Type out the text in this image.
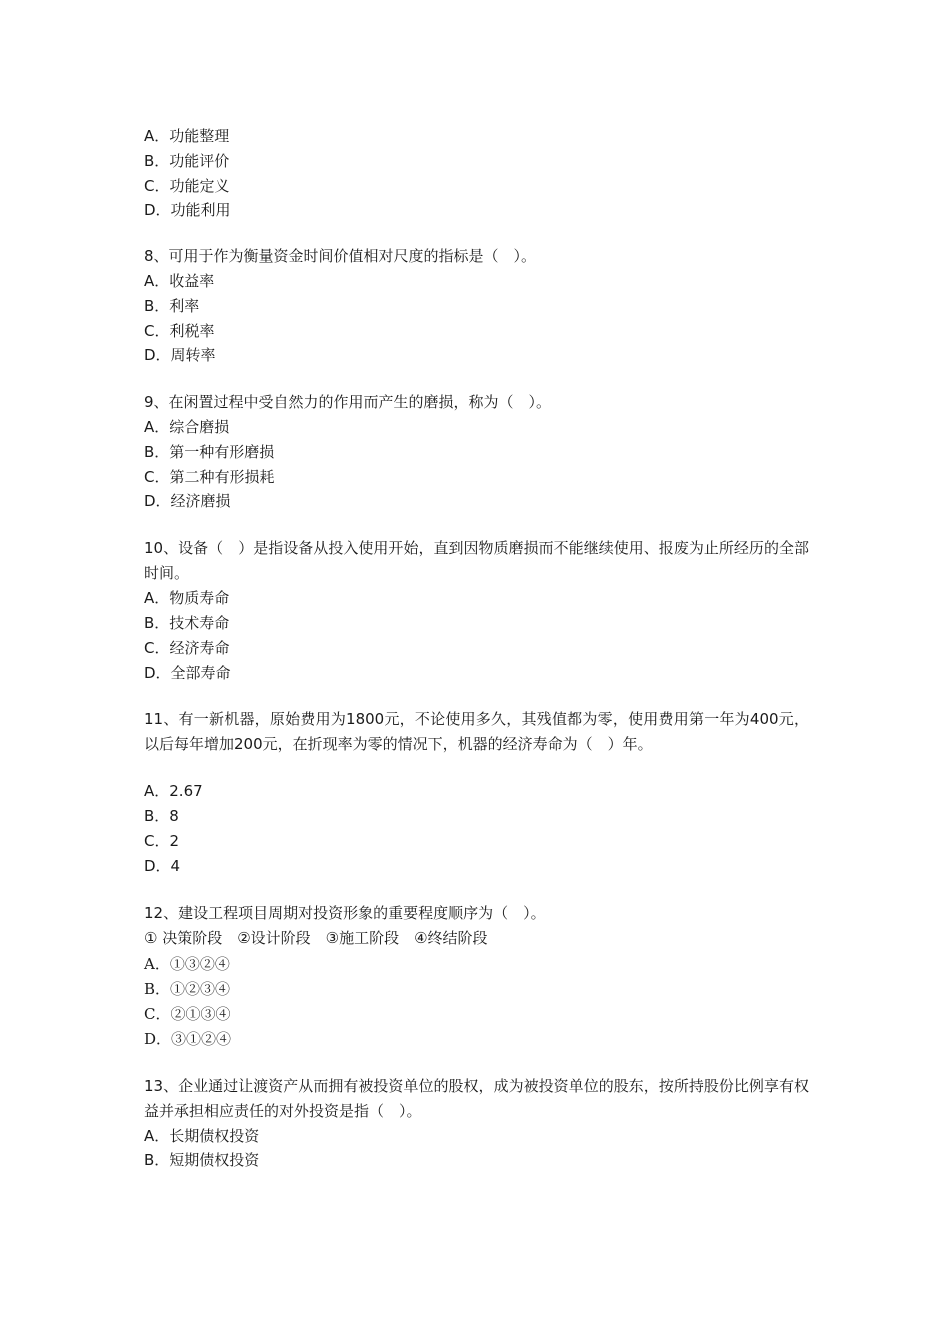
A．功能整理
B．功能评价
C．功能定义
D．功能利用
8、可用于作为衡量资金时间价值相对尺度的指标是（　）。
A．收益率
B．利率
C．利税率
D．周转率
9、在闲置过程中受自然力的作用而产生的磨损，称为（　）。
A．综合磨损
B．第一种有形磨损
C．第二种有形损耗
D．经济磨损
10、设备（　）是指设备从投入使用开始，直到因物质磨损而不能继续使用、报废为止所经历的全部时间。
A．物质寿命
B．技术寿命
C．经济寿命
D．全部寿命
11、有一新机器，原始费用为1800元，不论使用多久，其残值都为零，使用费用第一年为400元，以后每年增加200元，在折现率为零的情况下，机器的经济寿命为（　）年。
A．2.67
B．8
C．2
D．4
12、建设工程项目周期对投资形象的重要程度顺序为（　）。
① 决策阶段　②设计阶段　③施工阶段　④终结阶段
A．①③②④
B．①②③④
C．②①③④
D．③①②④
13、企业通过让渡资产从而拥有被投资单位的股权，成为被投资单位的股东，按所持股份比例享有权益并承担相应责任的对外投资是指（　）。
A．长期债权投资
B．短期债权投资
